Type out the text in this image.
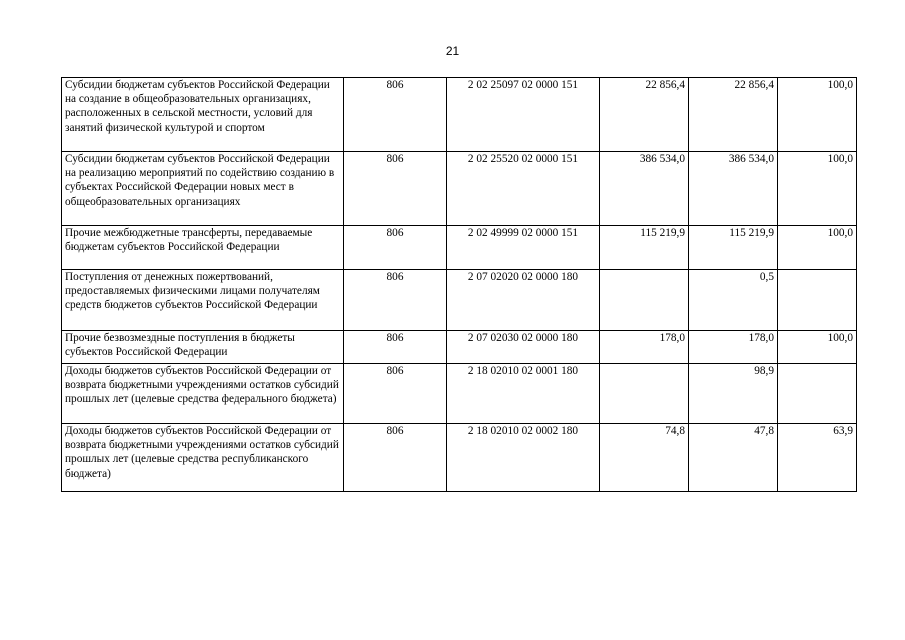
21
Субсидии бюджетам субъектов Российской Федерации на создание в общеобразовательных организациях, расположенных в сельской местности, условий для занятий физической культурой и спортом	806	2 02 25097 02 0000 151	22 856,4	22 856,4	100,0
Субсидии бюджетам субъектов Российской Федерации на реализацию мероприятий по содействию созданию в субъектах Российской Федерации новых мест в общеобразовательных организациях	806	2 02 25520 02 0000 151	386 534,0	386 534,0	100,0
Прочие межбюджетные трансферты, передаваемые бюджетам субъектов Российской Федерации	806	2 02 49999 02 0000 151	115 219,9	115 219,9	100,0
Поступления от денежных пожертвований, предоставляемых физическими лицами получателям средств бюджетов субъектов Российской Федерации	806	2 07 02020 02 0000 180		0,5	
Прочие безвозмездные поступления в бюджеты субъектов Российской Федерации	806	2 07 02030 02 0000 180	178,0	178,0	100,0
Доходы бюджетов субъектов Российской Федерации от возврата бюджетными учреждениями остатков субсидий прошлых лет (целевые средства федерального бюджета)	806	2 18 02010 02 0001 180		98,9	
Доходы бюджетов субъектов Российской Федерации от возврата бюджетными учреждениями остатков субсидий прошлых лет (целевые средства республиканского бюджета)	806	2 18 02010 02 0002 180	74,8	47,8	63,9
